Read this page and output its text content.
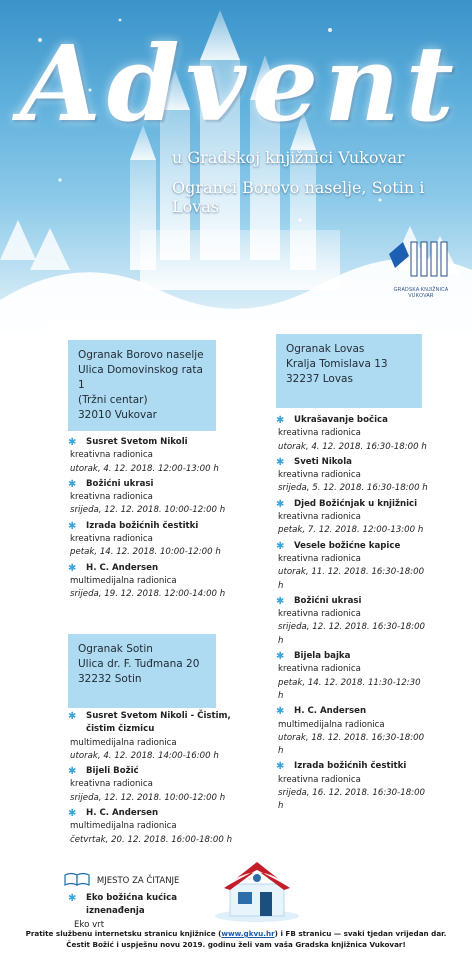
Advent
u Gradskoj knjižnici Vukovar
Ogranci Borovo naselje, Sotin i Lovas
GRADSKA KNJIŽNICA VUKOVAR
Ogranak Borovo naselje
Ulica Domovinskog rata 1
(Tržni centar)
32010 Vukovar
✱ Susret Svetom Nikoli
kreativna radionica
utorak, 4. 12. 2018. 12:00-13:00 h
✱ Božićni ukrasi
kreativna radionica
srijeda, 12. 12. 2018. 10:00-12:00 h
✱ Izrada božićnih čestitki
kreativna radionica
petak, 14. 12. 2018. 10:00-12:00 h
✱ H. C. Andersen
multimedijalna radionica
srijeda, 19. 12. 2018. 12:00-14:00 h
Ogranak Sotin
Ulica dr. F. Tuđmana 20
32232 Sotin
✱ Susret Svetom Nikoli - Čistim, čistim čizmicu
multimedijalna radionica
utorak, 4. 12. 2018. 14:00-16:00 h
✱ Bijeli Božić
kreativna radionica
srijeda, 12. 12. 2018. 10:00-12:00 h
✱ H. C. Andersen
multimedijalna radionica
četvrtak, 20. 12. 2018. 16:00-18:00 h
Ogranak Lovas
Kralja Tomislava 13
32237 Lovas
✱ Ukrašavanje bočica
kreativna radionica
utorak, 4. 12. 2018. 16:30-18:00 h
✱ Sveti Nikola
kreativna radionica
srijeda, 5. 12. 2018. 16:30-18:00 h
✱ Djed Božićnjak u knjižnici
kreativna radionica
petak, 7. 12. 2018. 12:00-13:00 h
✱ Vesele božićne kapice
kreativna radionica
utorak, 11. 12. 2018. 16:30-18:00 h
✱ Božićni ukrasi
kreativna radionica
srijeda, 12. 12. 2018. 16:30-18:00 h
✱ Bijela bajka
kreativna radionica
petak, 14. 12. 2018. 11:30-12:30 h
✱ H. C. Andersen
multimedijalna radionica
utorak, 18. 12. 2018. 16:30-18:00 h
✱ Izrada božićnih čestitki
kreativna radionica
srijeda, 16. 12. 2018. 16:30-18:00 h
MJESTO ZA ČITANJE
✱ Eko božićna kućica iznenađenja
Eko vrt
Pratite službenu internetsku stranicu knjižnice (www.gkvu.hr) i FB stranicu — svaki tjedan vrijedan dar.
Čestit Božić i uspješnu novu 2019. godinu želi vam vaša Gradska knjižnica Vukovar!
